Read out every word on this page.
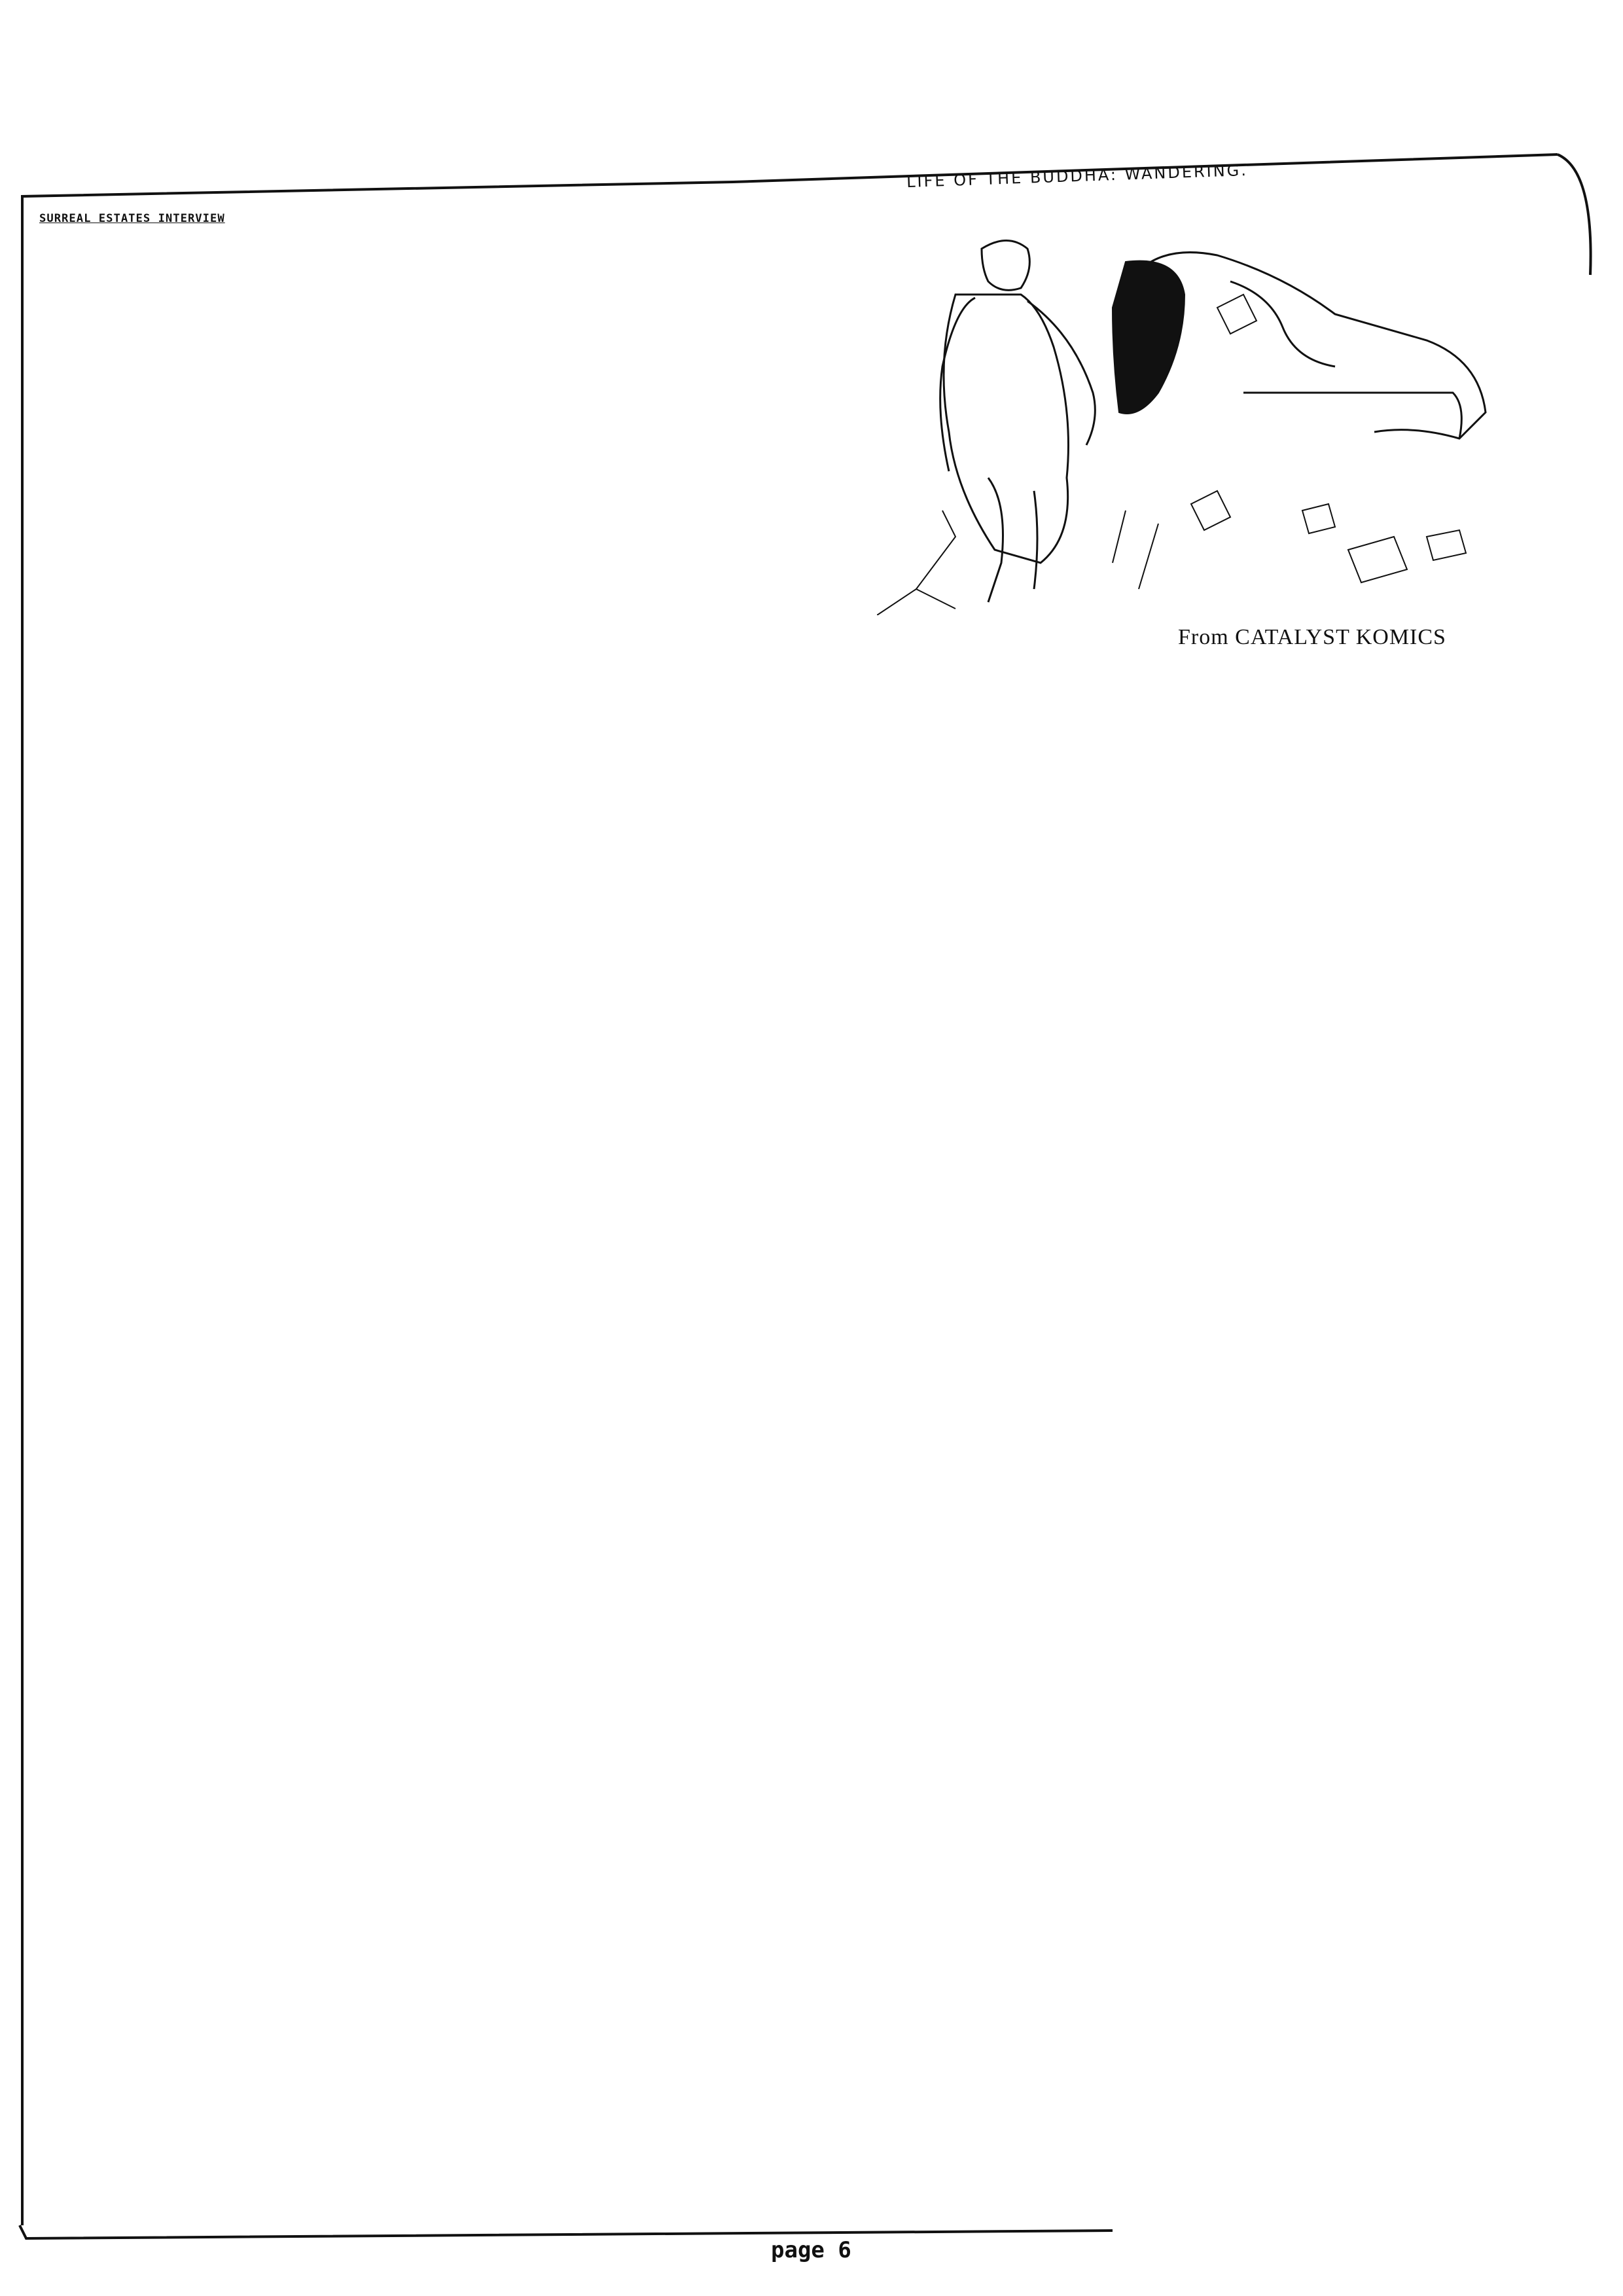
LIFE OF THE BUDDHA: WANDERING.
From CATALYST KOMICS
SURREAL ESTATES INTERVIEW
page 6
